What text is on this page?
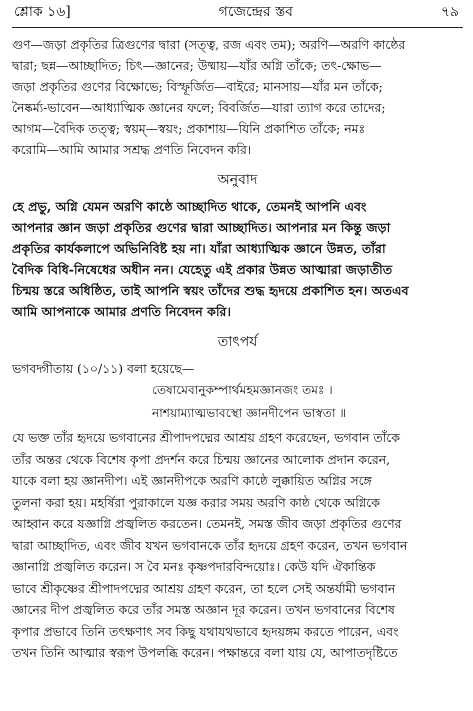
শ্লোক ১৬]	গজেন্দ্রের স্তব	৭৯

গুণ—জড়া প্রকৃতির ত্রিগুণের দ্বারা (সত্ত্ব, রজ এবং তম); অরণি—অরণি কাষ্ঠের

দ্বারা; ছন্ন—আচ্ছাদিত; চিৎ—জ্ঞানের; উষ্মায়—যাঁর অগ্নি তাঁকে; তৎ-ক্ষোভ—

জড়া প্রকৃতির গুণের বিক্ষোভে; বিস্ফূর্জিত—বাইরে; মানসায়—যাঁর মন তাঁকে;

নৈষ্কর্ম্য-ভাবেন—আধ্যাত্মিক জ্ঞানের ফলে; বিবর্জিত—যারা ত্যাগ করে তাদের;

আগম—বৈদিক তত্ত্ব; স্বয়ম্—স্বয়ং; প্রকাশায়—যিনি প্রকাশিত তাঁকে; নমঃ

করোমি—আমি আমার সশ্রদ্ধ প্রণতি নিবেদন করি।

অনুবাদ

হে প্রভু, অগ্নি যেমন অরণি কাষ্ঠে আচ্ছাদিত থাকে, তেমনই আপনি এবং

আপনার জ্ঞান জড়া প্রকৃতির গুণের দ্বারা আচ্ছাদিত। আপনার মন কিন্তু জড়া

প্রকৃতির কার্যকলাপে অভিনিবিষ্ট হয় না। যাঁরা আধ্যাত্মিক জ্ঞানে উন্নত, তাঁরা

বৈদিক বিধি-নিষেধের অধীন নন। যেহেতু এই প্রকার উন্নত আত্মারা জড়াতীত

চিন্ময় স্তরে অধিষ্ঠিত, তাই আপনি স্বয়ং তাঁদের শুদ্ধ হৃদয়ে প্রকাশিত হন। অতএব

আমি আপনাকে আমার প্রণতি নিবেদন করি।

তাৎপর্য

ভগবদ্গীতায় (১০/১১) বলা হয়েছে—

তেষামেবানুকম্পার্থমহমজ্ঞানজং তমঃ ।

নাশয়াম্যাত্মভাবস্থো জ্ঞানদীপেন ভাস্বতা ॥

যে ভক্ত তাঁর হৃদয়ে ভগবানের শ্রীপাদপদ্মের আশ্রয় গ্রহণ করেছেন, ভগবান তাঁকে

তাঁর অন্তর থেকে বিশেষ কৃপা প্রদর্শন করে চিন্ময় জ্ঞানের আলোক প্রদান করেন,

যাকে বলা হয় জ্ঞানদীপ। এই জ্ঞানদীপকে অরণি কাষ্ঠে লুক্কায়িত অগ্নির সঙ্গে

তুলনা করা হয়। মহর্ষিরা পুরাকালে যজ্ঞ করার সময় অরণি কাষ্ঠ থেকে অগ্নিকে

আহ্বান করে যজ্ঞাগ্নি প্রজ্বলিত করতেন। তেমনই, সমস্ত জীব জড়া প্রকৃতির গুণের

দ্বারা আচ্ছাদিত, এবং জীব যখন ভগবানকে তাঁর হৃদয়ে গ্রহণ করেন, তখন ভগবান

জ্ঞানাগ্নি প্রজ্বলিত করেন। স বৈ মনঃ কৃষ্ণপদারবিন্দয়োঃ। কেউ যদি ঐকান্তিক

ভাবে শ্রীকৃষ্ণের শ্রীপাদপদ্মের আশ্রয় গ্রহণ করেন, তা হলে সেই অন্তর্যামী ভগবান

জ্ঞানের দীপ প্রজ্বলিত করে তাঁর সমস্ত অজ্ঞান দূর করেন। তখন ভগবানের বিশেষ

কৃপার প্রভাবে তিনি তৎক্ষণাৎ সব কিছু যথাযথভাবে হৃদয়ঙ্গম করতে পারেন, এবং

তখন তিনি আত্মার স্বরূপ উপলব্ধি করেন। পক্ষান্তরে বলা যায় যে, আপাতদৃষ্টিতে
